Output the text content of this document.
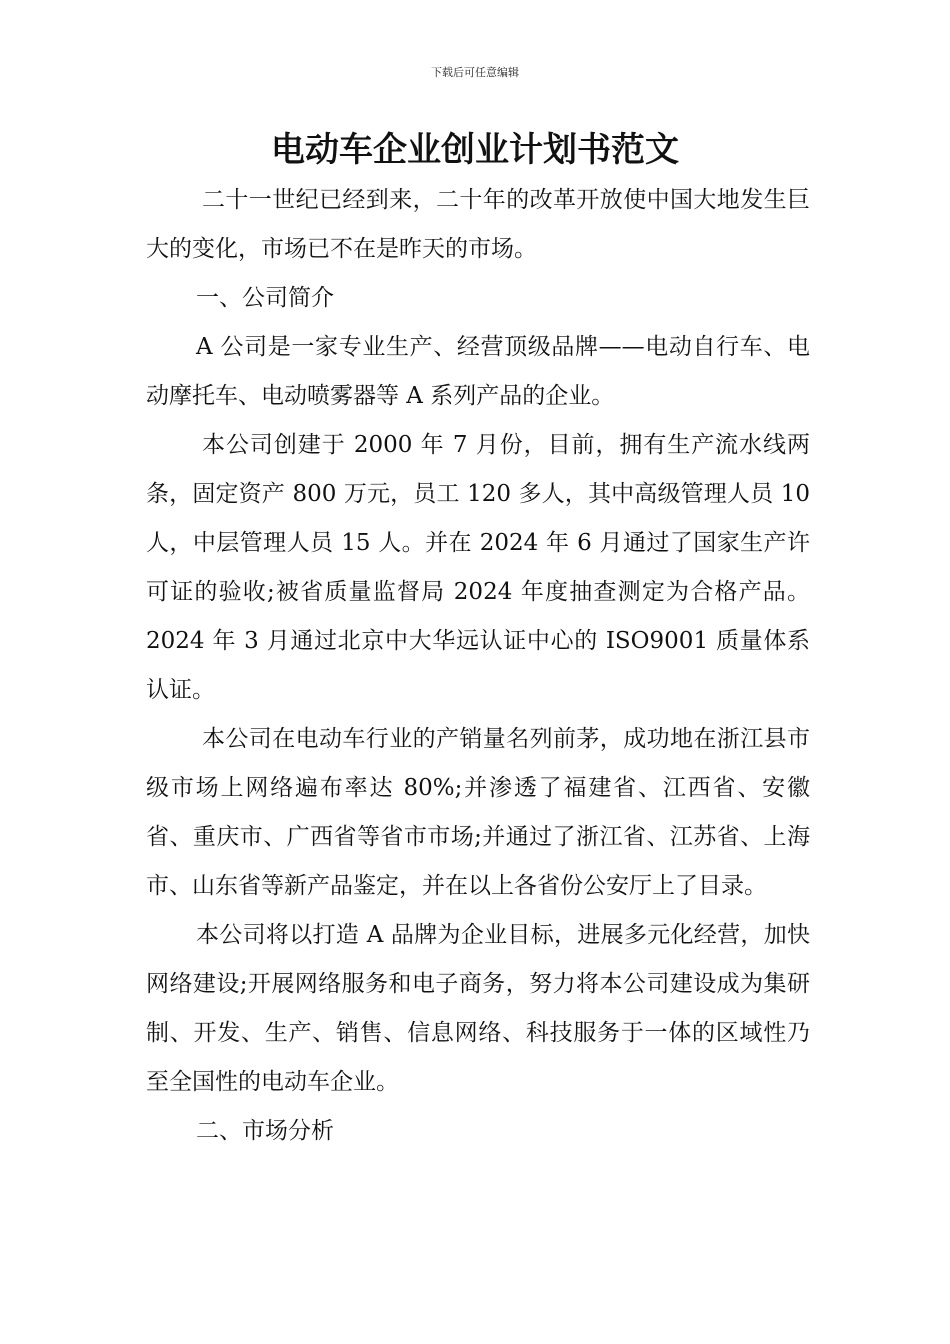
下载后可任意编辑
电动车企业创业计划书范文

二十一世纪已经到来，二十年的改革开放使中国大地发生巨大的变化，市场已不在是昨天的市场。

一、公司简介

A 公司是一家专业生产、经营顶级品牌——电动自行车、电动摩托车、电动喷雾器等 A 系列产品的企业。

本公司创建于 2000 年 7 月份，目前，拥有生产流水线两条，固定资产 800 万元，员工 120 多人，其中高级管理人员 10 人，中层管理人员 15 人。并在 2024 年 6 月通过了国家生产许可证的验收;被省质量监督局 2024 年度抽查测定为合格产品。2024 年 3 月通过北京中大华远认证中心的 ISO9001 质量体系认证。

本公司在电动车行业的产销量名列前茅，成功地在浙江县市级市场上网络遍布率达 80%;并渗透了福建省、江西省、安徽省、重庆市、广西省等省市市场;并通过了浙江省、江苏省、上海市、山东省等新产品鉴定，并在以上各省份公安厅上了目录。

本公司将以打造 A 品牌为企业目标，进展多元化经营，加快网络建设;开展网络服务和电子商务，努力将本公司建设成为集研制、开发、生产、销售、信息网络、科技服务于一体的区域性乃至全国性的电动车企业。

二、市场分析
